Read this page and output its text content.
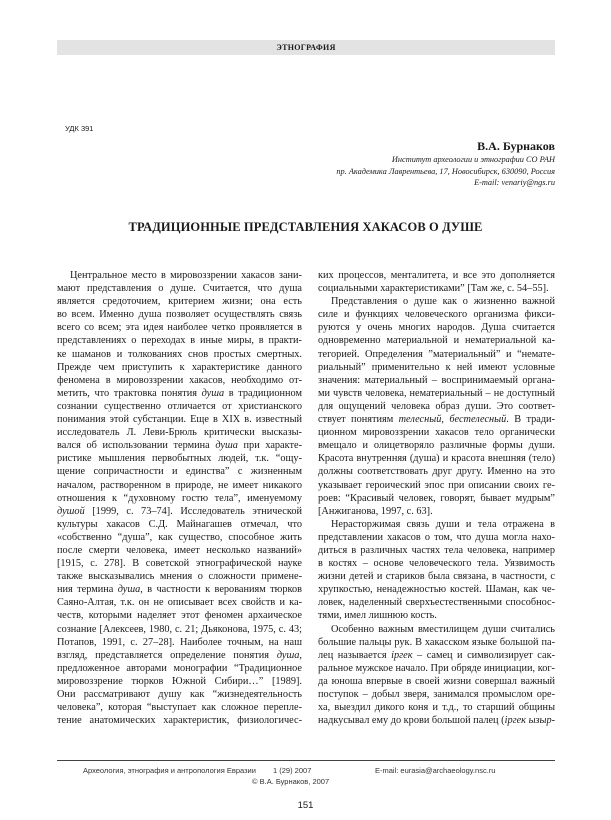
ЭТНОГРАФИЯ
УДК 391
В.А. Бурнаков
Институт археологии и этнографии СО РАН
пр. Академика Лаврентьева, 17, Новосибирск, 630090, Россия
E-mail: venariy@ngs.ru
ТРАДИЦИОННЫЕ ПРЕДСТАВЛЕНИЯ ХАКАСОВ О ДУШЕ
Центральное место в мировоззрении хакасов зани-
мают представления о душе. Считается, что душа
является средоточием, критерием жизни; она есть
во всем. Именно душа позволяет осуществлять связь
всего со всем; эта идея наиболее четко проявляется в
представлениях о переходах в иные миры, в практи-
ке шаманов и толкованиях снов простых смертных.
Прежде чем приступить к характеристике данного
феномена в мировоззрении хакасов, необходимо от-
метить, что трактовка понятия душа в традиционном
сознании существенно отличается от христианского
понимания этой субстанции. Еще в XIX в. известный
исследователь Л. Леви-Брюль критически высказы-
вался об использовании термина душа при характе-
ристике мышления первобытных людей, т.к. “ощу-
щение сопричастности и единства” с жизненным
началом, растворенном в природе, не имеет никакого
отношения к “духовному гостю тела”, именуемому
душой [1999, с. 73–74]. Исследователь этнической
культуры хакасов С.Д. Майнагашев отмечал, что
«собственно “душа”, как существо, способное жить
после смерти человека, имеет несколько названий»
[1915, с. 278]. В советской этнографической науке
также высказывались мнения о сложности примене-
ния термина душа, в частности к верованиям тюрков
Саяно-Алтая, т.к. он не описывает всех свойств и ка-
честв, которыми наделяет этот феномен архаическое
сознание [Алексеев, 1980, с. 21; Дьяконова, 1975, с. 43;
Потапов, 1991, с. 27–28]. Наиболее точным, на наш
взгляд, представляется определение понятия душа,
предложенное авторами монографии “Традиционное
мировоззрение тюрков Южной Сибири…” [1989].
Они рассматривают душу как “жизнедеятельность
человека”, которая “выступает как сложное перепле-
тение анатомических характеристик, физиологичес-
ких процессов, менталитета, и все это дополняется
социальными характеристиками” [Там же, с. 54–55].
Представления о душе как о жизненно важной
силе и функциях человеческого организма фикси-
руются у очень многих народов. Душа считается
одновременно материальной и нематериальной ка-
тегорией. Определения ”материальный” и “немате-
риальный” применительно к ней имеют условные
значения: материальный – воспринимаемый органа-
ми чувств человека, нематериальный – не доступный
для ощущений человека образ души. Это соответ-
ствует понятиям телесный, бестелесный. В тради-
ционном мировоззрении хакасов тело органически
вмещало и олицетворяло различные формы души.
Красота внутренняя (душа) и красота внешняя (тело)
должны соответствовать друг другу. Именно на это
указывает героический эпос при описании своих ге-
роев: “Красивый человек, говорят, бывает мудрым”
[Анжиганова, 1997, с. 63].
Нерасторжимая связь души и тела отражена в
представлении хакасов о том, что душа могла нахо-
диться в различных частях тела человека, например
в костях – основе человеческого тела. Уязвимость
жизни детей и стариков была связана, в частности, с
хрупкостью, ненадежностью костей. Шаман, как че-
ловек, наделенный сверхъестественными способнос-
тями, имел лишнюю кость.
Особенно важным вместилищем души считались
большие пальцы рук. В хакасском языке большой па-
лец называется іргек – самец и символизирует сак-
ральное мужское начало. При обряде инициации, ког-
да юноша впервые в своей жизни совершал важный
поступок – добыл зверя, занимался промыслом оре-
ха, выездил дикого коня и т.д., то старший общины
надкусывал ему до крови большой палец (іргек ызыр-
Археология, этнография и антропология Евразии 1 (29) 2007	E-mail: eurasia@archaeology.nsc.ru
© В.А. Бурнаков, 2007
151
